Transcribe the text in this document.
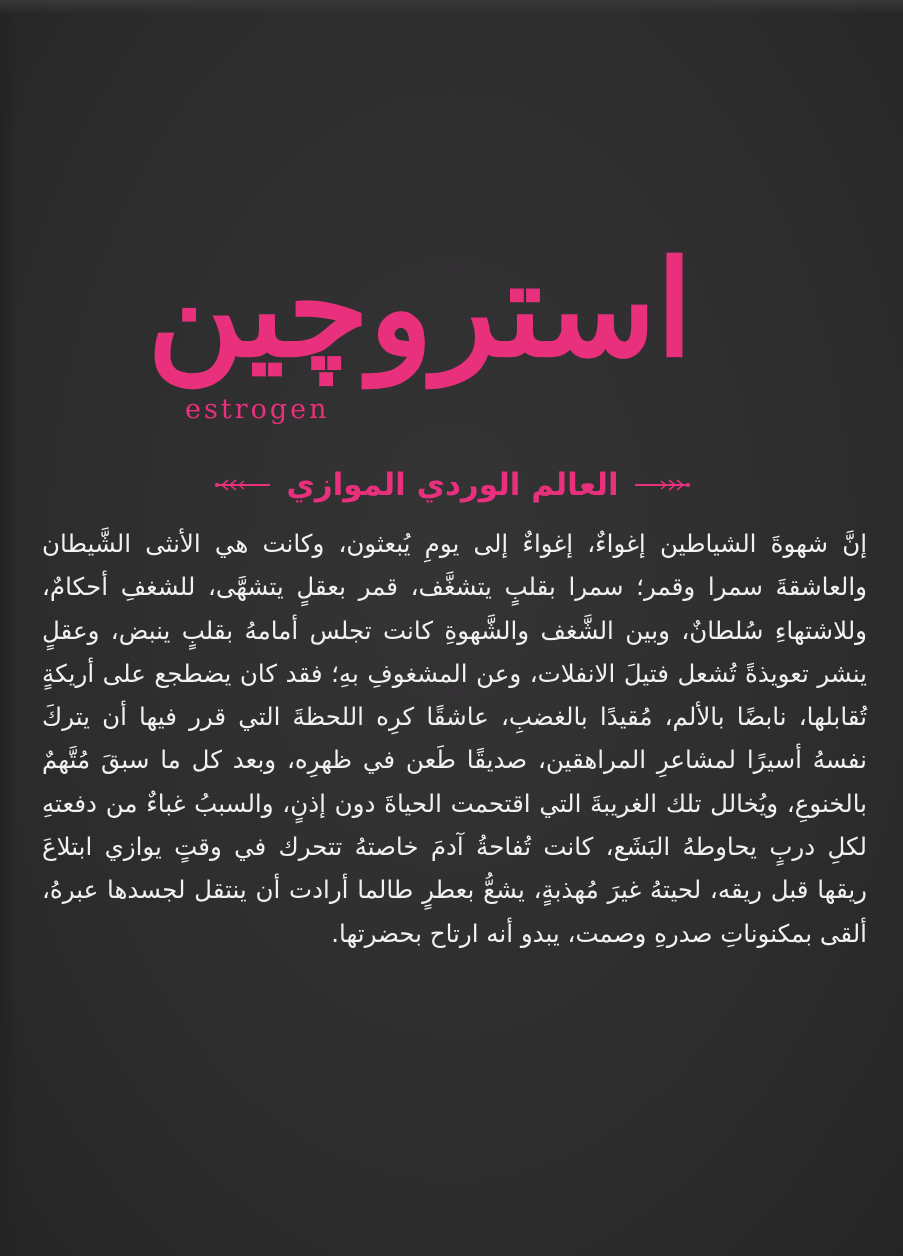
استروچين
estrogen
العالم الوردي الموازي

إنَّ شهوةَ الشياطين إغواءٌ، إغواءٌ إلى يومِ يُبعثون، وكانت هي الأنثى الشَّيطان والعاشقةَ سمرا وقمر؛ سمرا بقلبٍ يتشغَّف، قمر بعقلٍ يتشهَّى، للشغفِ أحكامٌ، وللاشتهاءِ سُلطانٌ، وبين الشَّغف والشَّهوةِ كانت تجلس أمامهُ بقلبٍ ينبض، وعقلٍ ينشر تعويذةً تُشعل فتيلَ الانفلات، وعن المشغوفِ بهِ؛ فقد كان يضطجع على أريكةٍ تُقابلها، نابضًا بالألم، مُقيدًا بالغضبِ، عاشقًا كرِه اللحظةَ التي قرر فيها أن يتركَ نفسهُ أسيرًا لمشاعرِ المراهقين، صديقًا طَعن في ظهرِه، وبعد كل ما سبقَ مُتَّهمٌ بالخنوعِ، ويُخالل تلك الغريبةَ التي اقتحمت الحياةَ دون إذنٍ، والسببُ غباءٌ من دفعتهِ لكلِ دربٍ يحاوطهُ البَشَع، كانت تُفاحةُ آدمَ خاصتهُ تتحرك في وقتٍ يوازي ابتلاعَ ريقها قبل ريقه، لحيتهُ غيرَ مُهذبةٍ، يشعُّ بعطرٍ طالما أرادت أن ينتقل لجسدها عبرهُ، ألقى بمكنوناتِ صدرهِ وصمت، يبدو أنه ارتاح بحضرتها.
